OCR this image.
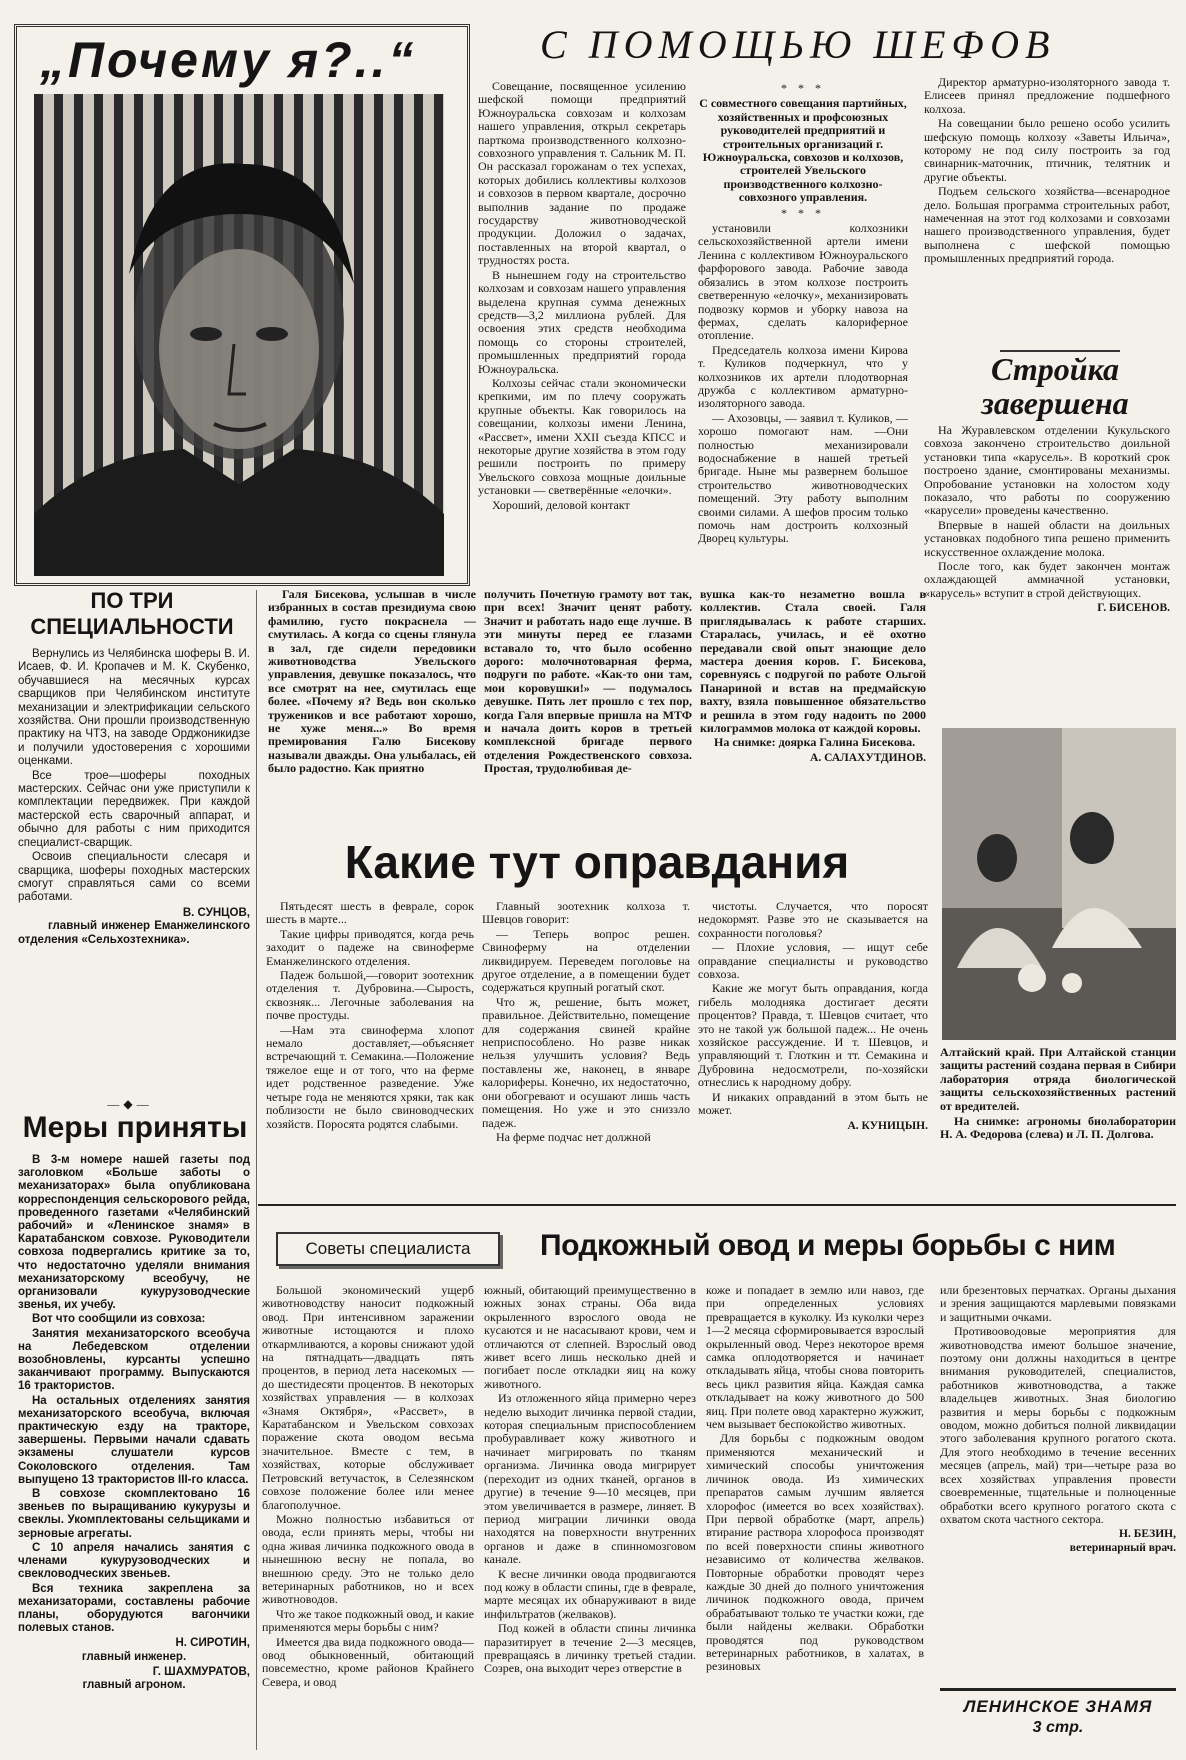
„Почему я?..“	С ПОМОЩЬЮ ШЕФОВ

Совещание, посвященное усилению шефской помощи предприятий Южноуральска совхозам и колхозам нашего управления, открыл секретарь парткома производственного колхозно-совхозного управления т. Сальник М. П. Он рассказал горожанам о тех успехах, которых добились коллективы колхозов и совхозов в первом квартале, досрочно выполнив задание по продаже государству животноводческой продукции. Доложил о задачах, поставленных на второй квартал, о трудностях роста.

В нынешнем году на строительство колхозам и совхозам нашего управления выделена крупная сумма денежных средств—3,2 миллиона рублей. Для освоения этих средств необходима помощь со стороны строителей, промышленных предприятий города Южноуральска.

Колхозы сейчас стали экономически крепкими, им по плечу сооружать крупные объекты. Как говорилось на совещании, колхозы имени Ленина, «Рассвет», имени XXII съезда КПСС и некоторые другие хозяйства в этом году решили построить по примеру Увельского совхоза мощные доильные установки — светверённые «елочки».

Хороший, деловой контакт

* * *

С совместного совещания партийных, хозяйственных и профсоюзных руководителей предприятий и строительных организаций г. Южноуральска, совхозов и колхозов, строителей Увельского производственного колхозно-совхозного управления.

* * *

установили колхозники сельскохозяйственной артели имени Ленина с коллективом Южноуральского фарфорового завода. Рабочие завода обязались в этом колхозе построить светверенную «елочку», механизировать подвозку кормов и уборку навоза на фермах, сделать калориферное отопление.

Председатель колхоза имени Кирова т. Куликов подчеркнул, что у колхозников их артели плодотворная дружба с коллективом арматурно-изоляторного завода.

— Ахозовцы, — заявил т. Куликов, — хорошо помогают нам. —Они полностью механизировали водоснабжение в нашей третьей бригаде. Ныне мы развернем большое строительство животноводческих помещений. Эту работу выполним своими силами. А шефов просим только помочь нам достроить колхозный Дворец культуры.

Директор арматурно-изоляторного завода т. Елисеев принял предложение подшефного колхоза.

На совещании было решено особо усилить шефскую помощь колхозу «Заветы Ильича», которому не под силу построить за год свинарник-маточник, птичник, телятник и другие объекты.

Подъем сельского хозяйства—всенародное дело. Большая программа строительных работ, намеченная на этот год колхозами и совхозами нашего производственного управления, будет выполнена с шефской помощью промышленных предприятий города.

Стройка
завершена

На Журавлевском отделении Кукульского совхоза закончено строительство доильной установки типа «карусель». В короткий срок построено здание, смонтированы механизмы. Опробование установки на холостом ходу показало, что работы по сооружению «карусели» проведены качественно.

Впервые в нашей области на доильных установках подобного типа решено применить искусственное охлаждение молока.

После того, как будет закончен монтаж охлаждающей аммиачной установки, «карусель» вступит в строй действующих.

Г. БИСЕНОВ.
Алтайский край. При Алтайской станции защиты растений создана первая в Сибири лаборатория отряда биологической защиты сельскохозяйственных растений от вредителей.

На снимке: агрономы биолаборатории Н. А. Федорова (слева) и Л. П. Долгова.

ПО ТРИ
СПЕЦИАЛЬНОСТИ

Вернулись из Челябинска шоферы В. И. Исаев, Ф. И. Кропачев и М. К. Скубенко, обучавшиеся на месячных курсах сварщиков при Челябинском институте механизации и электрификации сельского хозяйства. Они прошли производственную практику на ЧТЗ, на заводе Орджоникидзе и получили удостоверения с хорошими оценками.

Все трое—шоферы походных мастерских. Сейчас они уже приступили к комплектации передвижек. При каждой мастерской есть сварочный аппарат, и обычно для работы с ним приходится специалист-сварщик.

Освоив специальности слесаря и сварщика, шоферы походных мастерских смогут справляться сами со всеми работами.

В. СУНЦОВ,

главный инженер Еманжелинского отделения «Сельхозтехника».

—◆—
Меры приняты

В 3-м номере нашей газеты под заголовком «Больше заботы о механизаторах» была опубликована корреспонденция сельскорового рейда, проведенного газетами «Челябинский рабочий» и «Ленинское знамя» в Каратабанском совхозе. Руководители совхоза подвергались критике за то, что недостаточно уделяли внимания механизаторскому всеобучу, не организовали кукурузоводческие звенья, их учебу.

Вот что сообщили из совхоза:

Занятия механизаторского всеобуча на Лебедевском отделении возобновлены, курсанты успешно заканчивают программу. Выпускаются 16 трактористов.

На остальных отделениях занятия механизаторского всеобуча, включая практическую езду на тракторе, завершены. Первыми начали сдавать экзамены слушатели курсов Соколовского отделения. Там выпущено 13 трактористов III-го класса.

В совхозе скомплектовано 16 звеньев по выращиванию кукурузы и свеклы. Укомплектованы сельщиками и зерновые агрегаты.

С 10 апреля начались занятия с членами кукурузоводческих и свекловодческих звеньев.

Вся техника закреплена за механизаторами, составлены рабочие планы, оборудуются вагончики полевых станов.

Н. СИРОТИН,
главный инженер.
Г. ШАХМУРАТОВ,
главный агроном.

Галя Бисекова, услышав в числе избранных в состав президиума свою фамилию, густо покраснела — смутилась. А когда со сцены глянула в зал, где сидели передовики животноводства Увельского управления, девушке показалось, что все смотрят на нее, смутилась еще более. «Почему я? Ведь вон сколько тружеников и все работают хорошо, не хуже меня...» Во время премирования Галю Бисекову называли дважды. Она улыбалась, ей было радостно. Как приятно

получить Почетную грамоту вот так, при всех! Значит ценят работу. Значит и работать надо еще лучше. В эти минуты перед ее глазами вставало то, что было особенно дорого: молочнотоварная ферма, подруги по работе. «Как-то они там, мои коровушки!» — подумалось девушке. Пять лет прошло с тех пор, когда Галя впервые пришла на МТФ и начала доить коров в третьей комплексной бригаде первого отделения Рождественского совхоза. Простая, трудолюбивая де-

вушка как-то незаметно вошла в коллектив. Стала своей. Галя приглядывалась к работе старших. Старалась, училась, и её охотно передавали свой опыт знающие дело мастера доения коров. Г. Бисекова, соревнуясь с подругой по работе Ольгой Панариной и встав на предмайскую вахту, взяла повышенное обязательство и решила в этом году надоить по 2000 килограммов молока от каждой коровы.

На снимке: доярка Галина Бисекова.

А. САЛАХУТДИНОВ.
Какие тут оправдания

Пятьдесят шесть в феврале, сорок шесть в марте...

Такие цифры приводятся, когда речь заходит о падеже на свиноферме Еманжелинского отделения.

Падеж большой,—говорит зоотехник отделения т. Дубровина.—Сырость, сквозняк... Легочные заболевания на почве простуды.

—Нам эта свиноферма хлопот немало доставляет,—объясняет встречающий т. Семакина.—Положение тяжелое еще и от того, что на ферме идет родственное разведение. Уже четыре года не меняются хряки, так как поблизости не было свиноводческих хозяйств. Поросята родятся слабыми.

Главный зоотехник колхоза т. Шевцов говорит:

— Теперь вопрос решен. Свиноферму на отделении ликвидируем. Переведем поголовье на другое отделение, а в помещении будет содержаться крупный рогатый скот.

Что ж, решение, быть может, правильное. Действительно, помещение для содержания свиней крайне неприспособлено. Но разве никак нельзя улучшить условия? Ведь поставлены же, наконец, в январе калориферы. Конечно, их недостаточно, они обогревают и осушают лишь часть помещения. Но уже и это сниззло падеж.

На ферме подчас нет должной

чистоты. Случается, что поросят недокормят. Разве это не сказывается на сохранности поголовья?

— Плохие условия, — ищут себе оправдание специалисты и руководство совхоза.

Какие же могут быть оправдания, когда гибель молодняка достигает десяти процентов? Правда, т. Шевцов считает, что это не такой уж большой падеж... Не очень хозяйское рассуждение. И т. Шевцов, и управляющий т. Глоткин и тт. Семакина и Дубровина недосмотрели, по-хозяйски отнеслись к народному добру.

И никаких оправданий в этом быть не может.

А. КУНИЦЫН.
Советы специалиста	Подкожный овод и меры борьбы с ним

Большой экономический ущерб животноводству наносит подкожный овод. При интенсивном заражении животные истощаются и плохо откармливаются, а коровы снижают удой на пятнадцать—двадцать пять процентов, в период лета насекомых — до шестидесяти процентов. В некоторых хозяйствах управления — в колхозах «Знамя Октября», «Рассвет», в Каратабанском и Увельском совхозах поражение скота оводом весьма значительное. Вместе с тем, в хозяйствах, которые обслуживает Петровский ветучасток, в Селезянском совхозе положение более или менее благополучное.

Можно полностью избавиться от овода, если принять меры, чтобы ни одна живая личинка подкожного овода в нынешнюю весну не попала, во внешнюю среду. Это не только дело ветеринарных работников, но и всех животноводов.

Что же такое подкожный овод, и какие применяются меры борьбы с ним?

Имеется два вида подкожного овода—овод обыкновенный, обитающий повсеместно, кроме районов Крайнего Севера, и овод

южный, обитающий преимущественно в южных зонах страны. Оба вида окрыленного взрослого овода не кусаются и не насасывают крови, чем и отличаются от слепней. Взрослый овод живет всего лишь несколько дней и погибает после откладки яиц на кожу животного.

Из отложенного яйца примерно через неделю выходит личинка первой стадии, которая специальным приспособлением пробуравливает кожу животного и начинает мигрировать по тканям организма. Личинка овода мигрирует (переходит из одних тканей, органов в другие) в течение 9—10 месяцев, при этом увеличивается в размере, линяет. В период миграции личинки овода находятся на поверхности внутренних органов и даже в спинномозговом канале.

К весне личинки овода продвигаются под кожу в области спины, где в феврале, марте месяцах их обнаруживают в виде инфильтратов (желваков).

Под кожей в области спины личинка паразитирует в течение 2—3 месяцев, превращаясь в личинку третьей стадии. Созрев, она выходит через отверстие в

коже и попадает в землю или навоз, где при определенных условиях превращается в куколку. Из куколки через 1—2 месяца сформировывается взрослый окрыленный овод. Через некоторое время самка оплодотворяется и начинает откладывать яйца, чтобы снова повторить весь цикл развития яйца. Каждая самка откладывает на кожу животного до 500 яиц. При полете овод характерно жужжит, чем вызывает беспокойство животных.

Для борьбы с подкожным оводом применяются механический и химический способы уничтожения личинок овода. Из химических препаратов самым лучшим является хлорофос (имеется во всех хозяйствах). При первой обработке (март, апрель) втирание раствора хлорофоса производят по всей поверхности спины животного независимо от количества желваков. Повторные обработки проводят через каждые 30 дней до полного уничтожения личинок подкожного овода, причем обрабатывают только те участки кожи, где были найдены желваки. Обработки проводятся под руководством ветеринарных работников, в халатах, в резиновых

или брезентовых перчатках. Органы дыхания и зрения защищаются марлевыми повязками и защитными очками.

Противооводовые мероприятия для животноводства имеют большое значение, поэтому они должны находиться в центре внимания руководителей, специалистов, работников животноводства, а также владельцев животных. Зная биологию развития и меры борьбы с подкожным оводом, можно добиться полной ликвидации этого заболевания крупного рогатого скота. Для этого необходимо в течение весенних месяцев (апрель, май) три—четыре раза во всех хозяйствах управления провести своевременные, тщательные и полноценные обработки всего крупного рогатого скота с охватом скота частного сектора.

Н. БЕЗИН,
ветеринарный врач.
ЛЕНИНСКОЕ ЗНАМЯ
3 стр.
